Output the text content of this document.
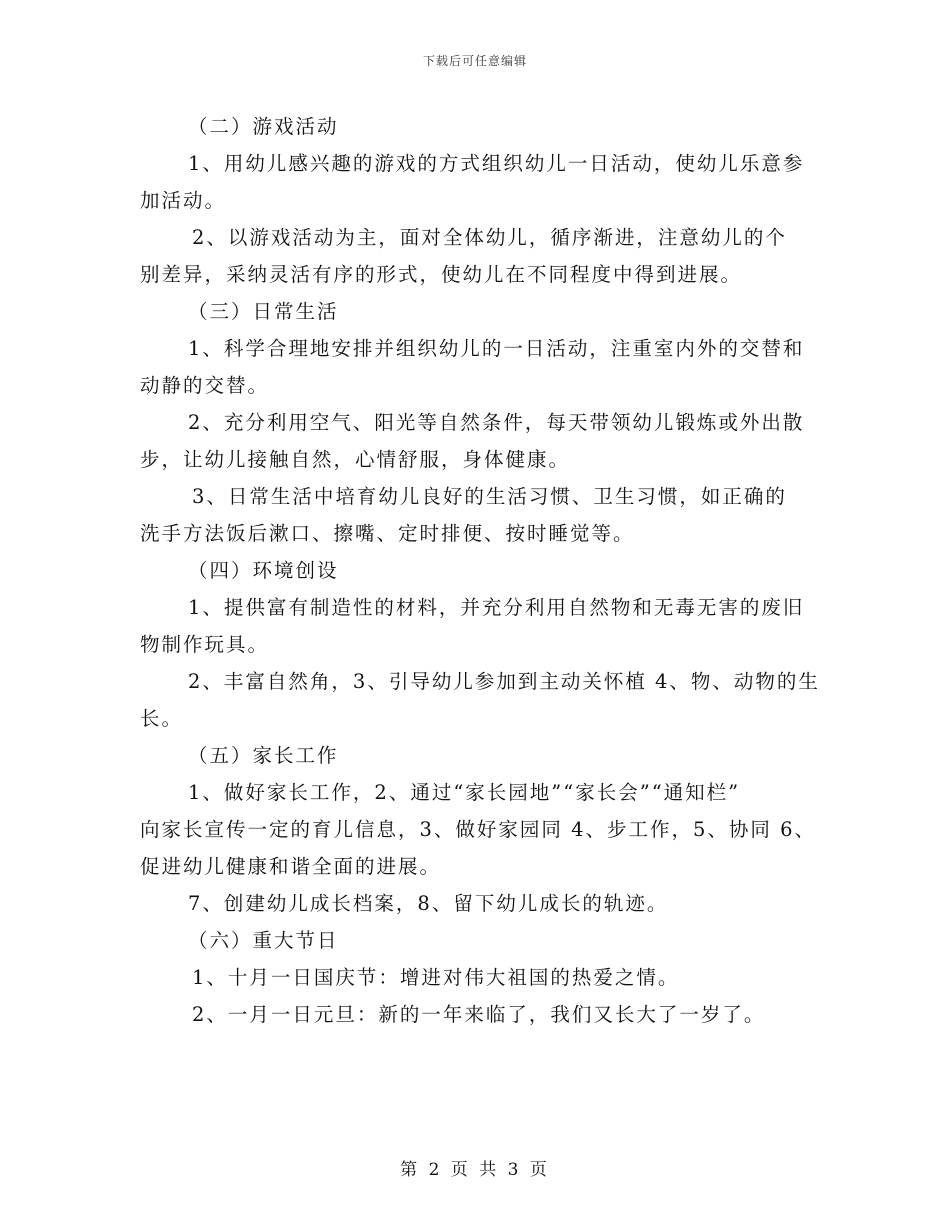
下载后可任意编辑
（二）游戏活动
1、用幼儿感兴趣的游戏的方式组织幼儿一日活动，使幼儿乐意参
加活动。
2、以游戏活动为主，面对全体幼儿，循序渐进，注意幼儿的个
别差异，采纳灵活有序的形式，使幼儿在不同程度中得到进展。
（三）日常生活
1、科学合理地安排并组织幼儿的一日活动，注重室内外的交替和
动静的交替。
2、充分利用空气、阳光等自然条件，每天带领幼儿锻炼或外出散
步，让幼儿接触自然，心情舒服，身体健康。
3、日常生活中培育幼儿良好的生活习惯、卫生习惯，如正确的
洗手方法饭后漱口、擦嘴、定时排便、按时睡觉等。
（四）环境创设
1、提供富有制造性的材料，并充分利用自然物和无毒无害的废旧
物制作玩具。
2、丰富自然角，3、引导幼儿参加到主动关怀植 4、物、动物的生
长。
（五）家长工作
1、做好家长工作，2、通过“家长园地”“家长会”“通知栏”
向家长宣传一定的育儿信息，3、做好家园同 4、步工作，5、协同 6、
促进幼儿健康和谐全面的进展。
7、创建幼儿成长档案，8、留下幼儿成长的轨迹。
（六）重大节日
1、十月一日国庆节：增进对伟大祖国的热爱之情。
2、一月一日元旦：新的一年来临了，我们又长大了一岁了。
第 2 页 共 3 页
